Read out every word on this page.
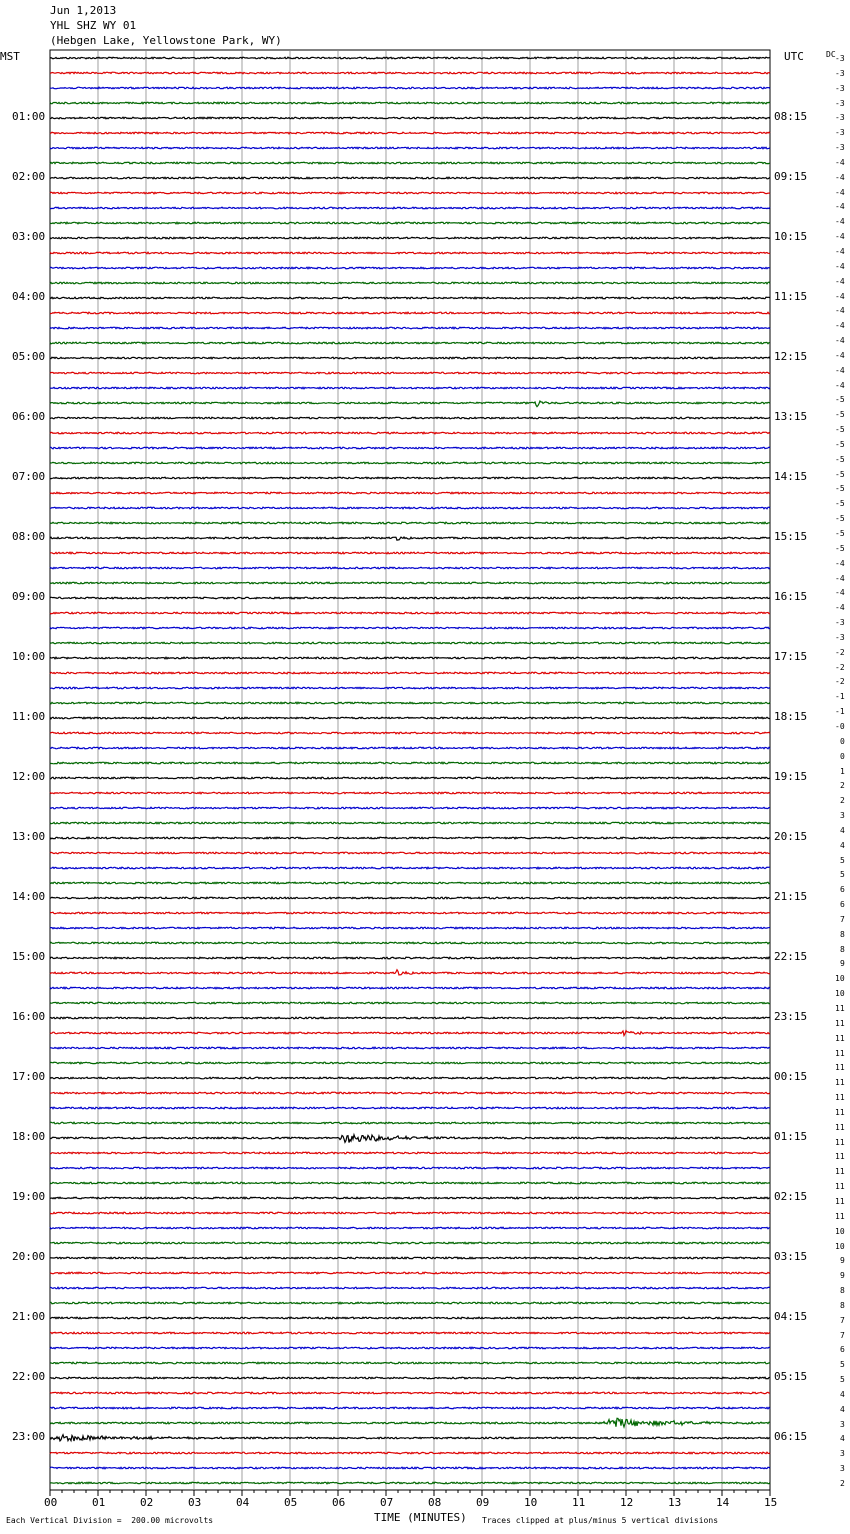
Jun 1,2013
YHL SHZ WY 01
(Hebgen Lake, Yellowstone Park, WY)
MST	UTC	DC
01:00
02:00
03:00
04:00
05:00
06:00
07:00
08:00
09:00
10:00
11:00
12:00
13:00
14:00
15:00
16:00
17:00
18:00
19:00
20:00
21:00
22:00
23:00
08:15
09:15
10:15
11:15
12:15
13:15
14:15
15:15
16:15
17:15
18:15
19:15
20:15
21:15
22:15
23:15
00:15
01:15
02:15
03:15
04:15
05:15
06:15
-3
-3
-3
-3
-3
-3
-3
-4
-4
-4
-4
-4
-4
-4
-4
-4
-4
-4
-4
-4
-4
-4
-4
-5
-5
-5
-5
-5
-5
-5
-5
-5
-5
-5
-4
-4
-4
-4
-3
-3
-2
-2
-2
-1
-1
-0
0
0
1
2
2
3
4
4
5
5
6
6
7
8
8
9
10
10
11
11
11
11
11
11
11
11
11
11
11
11
11
11
11
10
10
9
9
8
8
7
7
6
5
5
4
4
3
4
3
3
2
00	01	02	03	04	05	06	07	08	09	10	11	12	13	14	15
Each Vertical Division =  200.00 microvolts	TIME (MINUTES) Traces clipped at plus/minus 5 vertical divisions
